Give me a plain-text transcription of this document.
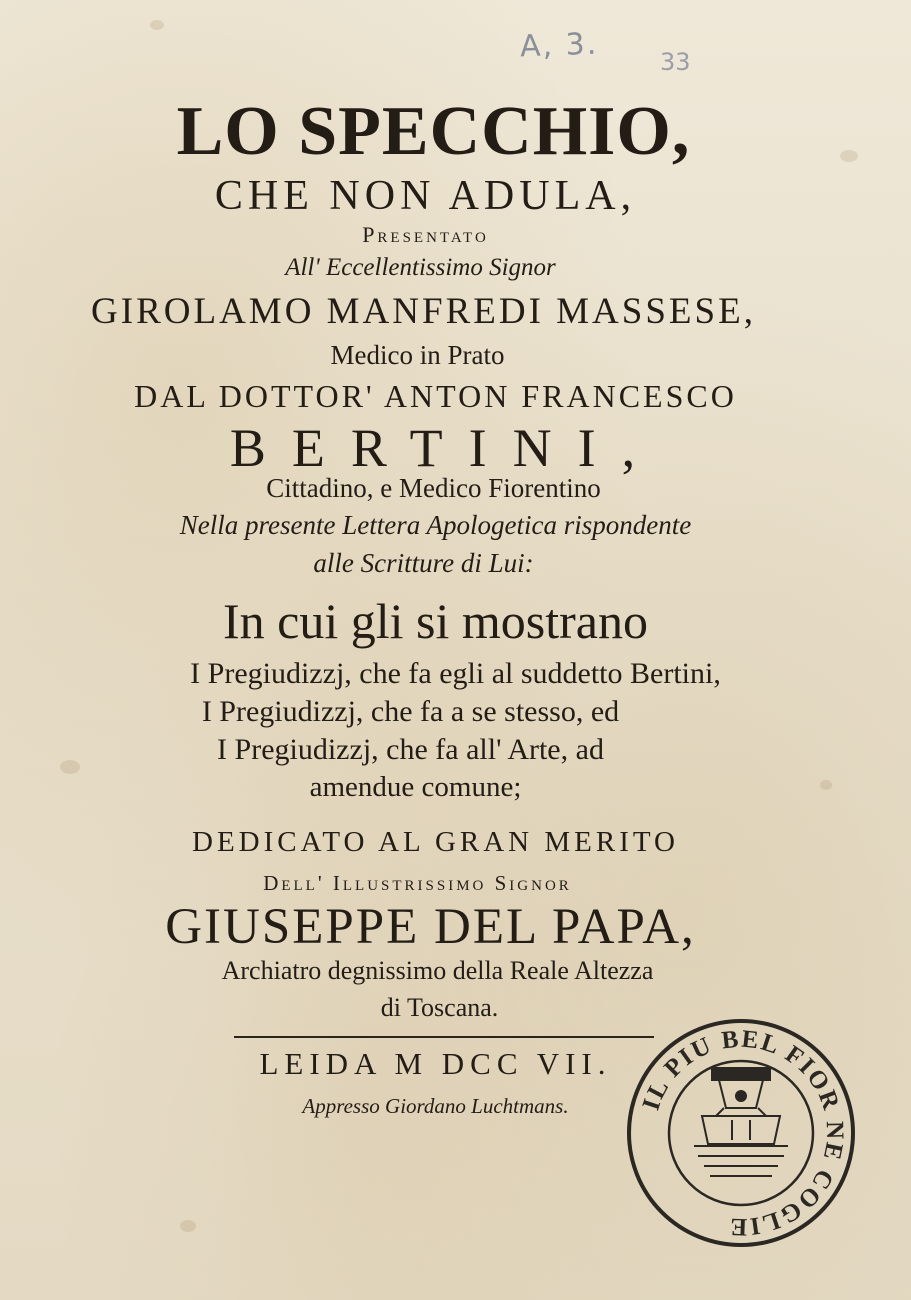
A, 3.	33
LO SPECCHIO,
CHE NON ADULA,
Presentato
All' Eccellentissimo Signor
GIROLAMO MANFREDI MASSESE,
Medico in Prato
DAL DOTTOR' ANTON FRANCESCO
BERTINI,
Cittadino, e Medico Fiorentino
Nella presente Lettera Apologetica rispondente
alle Scritture di Lui:
In cui gli si mostrano
I Pregiudizzj, che fa egli al suddetto Bertini,
I Pregiudizzj, che fa a se stesso, ed
I Pregiudizzj, che fa all' Arte, ad
amendue comune;
DEDICATO AL GRAN MERITO
Dell' Illustrissimo Signor
GIUSEPPE DEL PAPA,
Archiatro degnissimo della Reale Altezza
di Toscana.
LEIDA M DCC VII.
Appresso Giordano Luchtmans.	IL PIU BEL FIOR NE COGLIE
